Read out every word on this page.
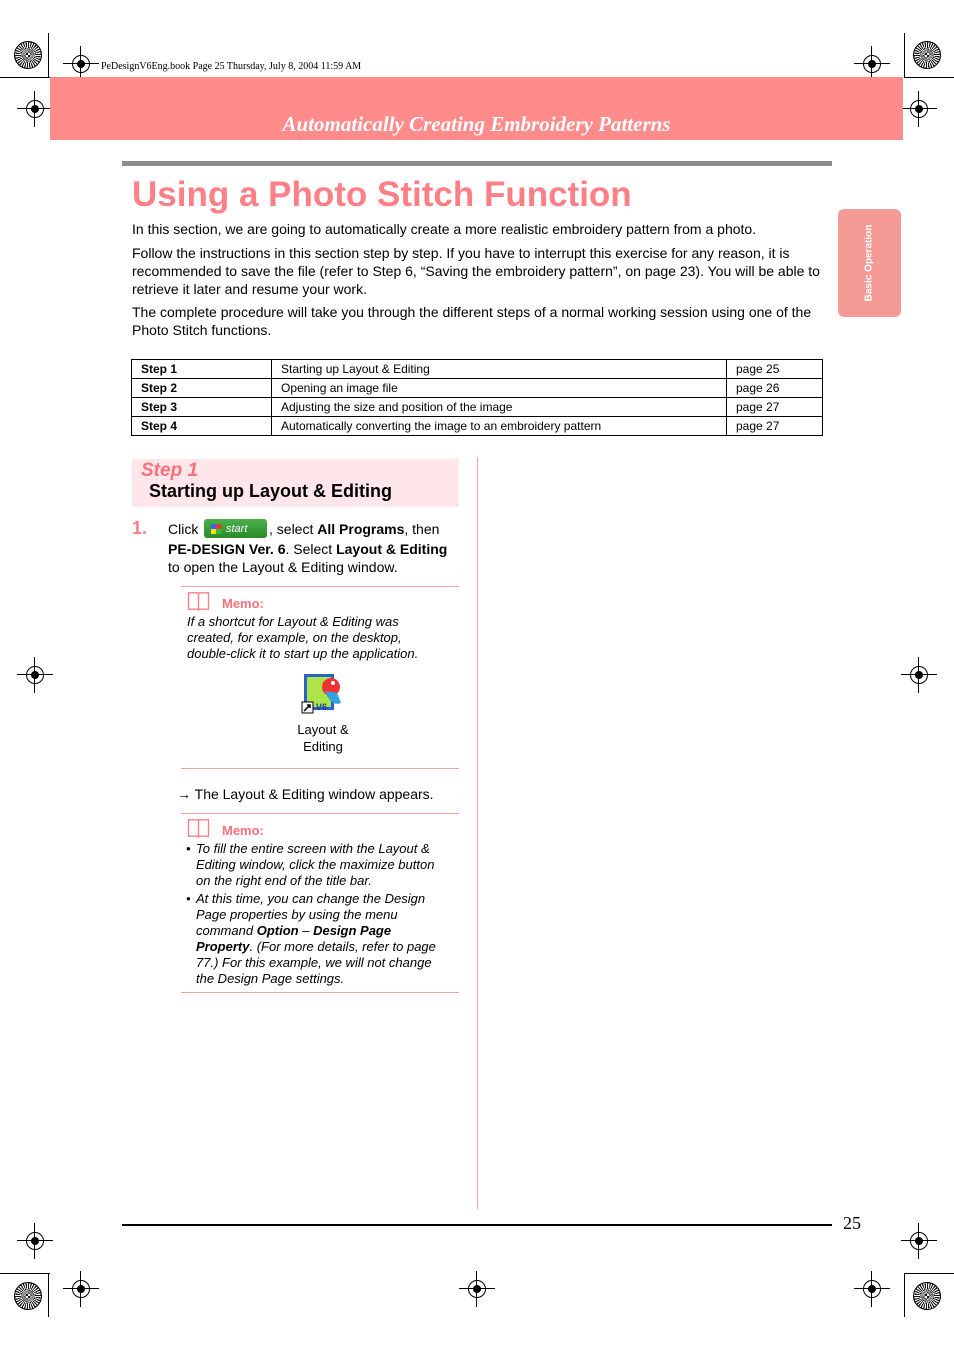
PeDesignV6Eng.book Page 25 Thursday, July 8, 2004 11:59 AM
Automatically Creating Embroidery Patterns
Basic Operation
Using a Photo Stitch Function
In this section, we are going to automatically create a more realistic embroidery pattern from a photo.
Follow the instructions in this section step by step. If you have to interrupt this exercise for any reason, it is recommended to save the file (refer to Step 6, “Saving the embroidery pattern”, on page 23). You will be able to retrieve it later and resume your work.
The complete procedure will take you through the different steps of a normal working session using one of the Photo Stitch functions.
Step 1	Starting up Layout & Editing	page 25
Step 2	Opening an image file	page 26
Step 3	Adjusting the size and position of the image	page 27
Step 4	Automatically converting the image to an embroidery pattern	page 27
Step 1
Starting up Layout & Editing
1. Click	start , select All Programs, then
PE-DESIGN Ver. 6. Select Layout & Editing
to open the Layout & Editing window.
Memo:
If a shortcut for Layout & Editing was created, for example, on the desktop, double-click it to start up the application.
V6
Layout &
Editing
→ The Layout & Editing window appears.
Memo:
• To fill the entire screen with the Layout & Editing window, click the maximize button on the right end of the title bar.
• At this time, you can change the Design Page properties by using the menu command Option – Design Page Property. (For more details, refer to page 77.) For this example, we will not change the Design Page settings.
25
